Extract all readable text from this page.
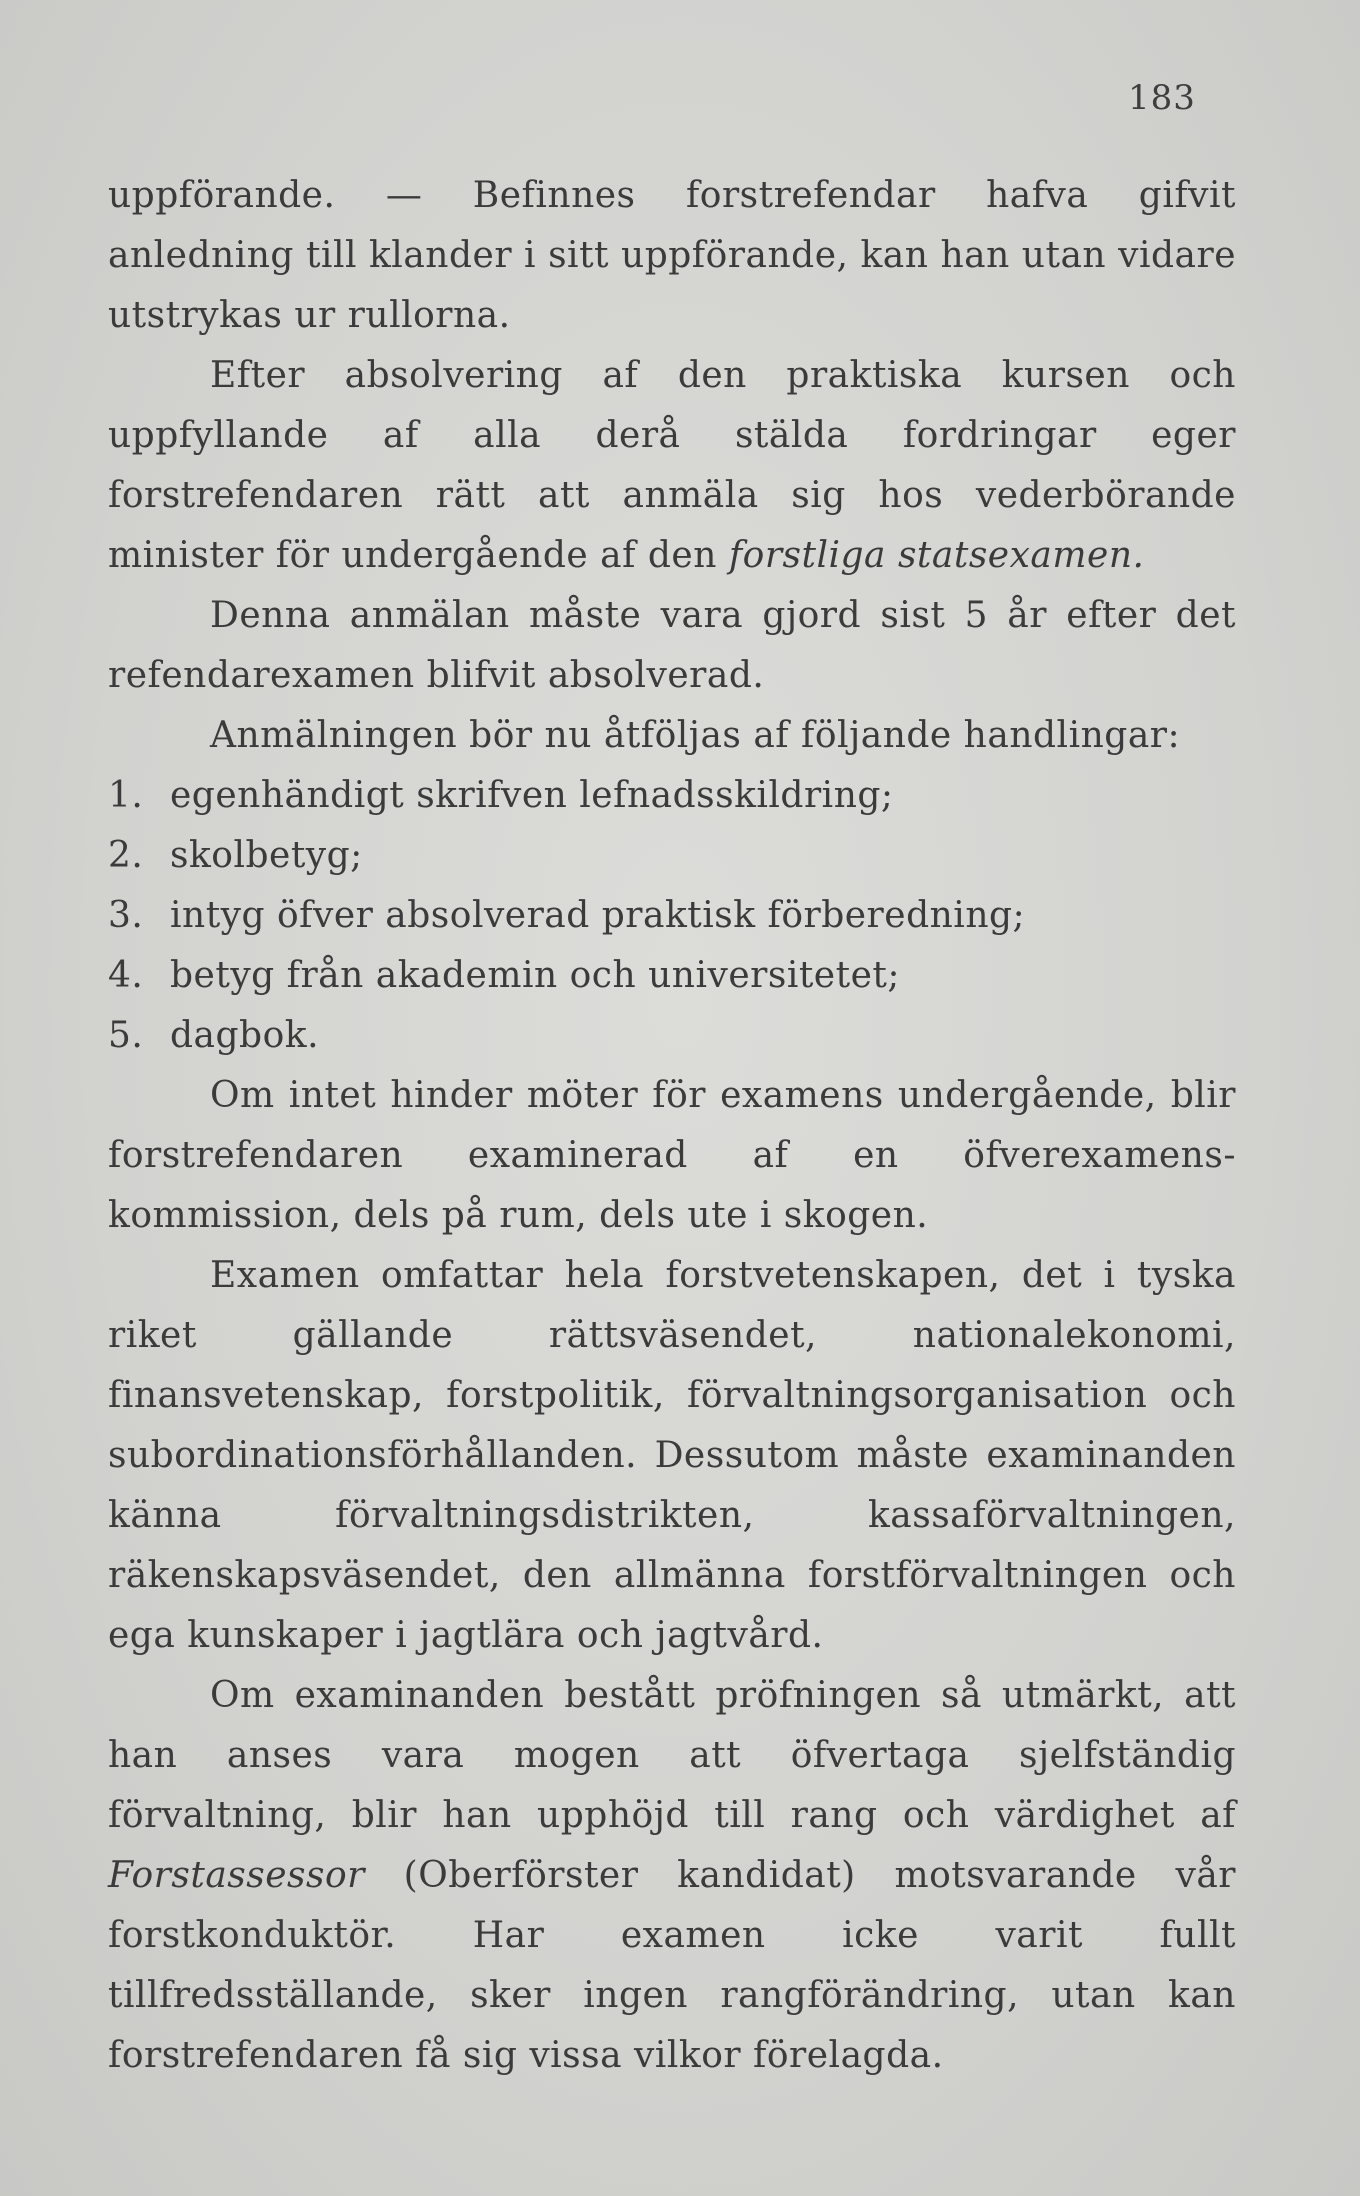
183

uppförande. — Befinnes forstrefendar hafva gifvit anledning till klander i sitt uppförande, kan han utan vidare utstrykas ur rullorna.

Efter absolvering af den praktiska kursen och uppfyllande af alla derå stälda fordringar eger forstrefendaren rätt att anmäla sig hos vederbörande minister för undergående af den forstliga statsexamen.

Denna anmälan måste vara gjord sist 5 år efter det refendarexamen blifvit absolverad.

Anmälningen bör nu åtföljas af följande handlingar:

1. egenhändigt skrifven lefnadsskildring;
2. skolbetyg;
3. intyg öfver absolverad praktisk förberedning;
4. betyg från akademin och universitetet;
5. dagbok.

Om intet hinder möter för examens undergående, blir forstrefendaren examinerad af en öfverexamens-kommission, dels på rum, dels ute i skogen.

Examen omfattar hela forstvetenskapen, det i tyska riket gällande rättsväsendet, nationalekonomi, finansvetenskap, forstpolitik, förvaltningsorganisation och subordinationsförhållanden. Dessutom måste examinanden känna förvaltningsdistrikten, kassaförvaltningen, räkenskapsväsendet, den allmänna forstförvaltningen och ega kunskaper i jagtlära och jagtvård.

Om examinanden bestått pröfningen så utmärkt, att han anses vara mogen att öfvertaga sjelfständig förvaltning, blir han upphöjd till rang och värdighet af Forstassessor (Oberförster kandidat) motsvarande vår forstkonduktör. Har examen icke varit fullt tillfredsställande, sker ingen rangförändring, utan kan forstrefendaren få sig vissa vilkor förelagda.
